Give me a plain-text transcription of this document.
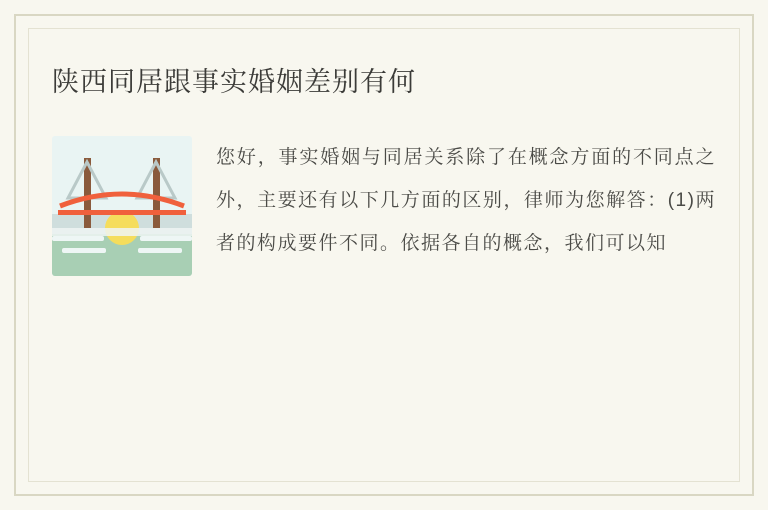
陕西同居跟事实婚姻差别有何
您好，事实婚姻与同居关系除了在概念方面的不同点之外，主要还有以下几方面的区别，律师为您解答：(1)两者的构成要件不同。依据各自的概念，我们可以知
